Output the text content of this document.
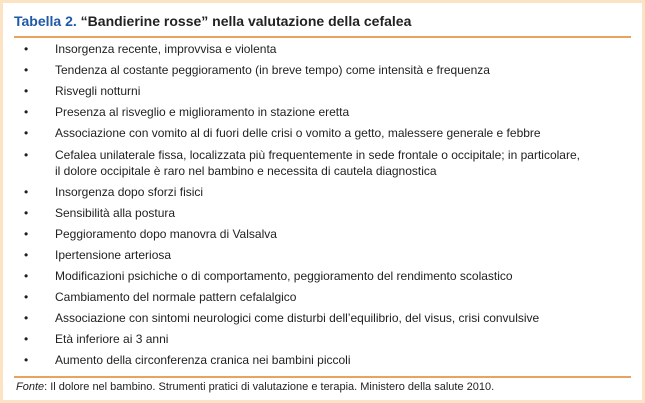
Tabella 2. “Bandierine rosse” nella valutazione della cefalea
• Insorgenza recente, improvvisa e violenta
• Tendenza al costante peggioramento (in breve tempo) come intensità e frequenza
• Risvegli notturni
• Presenza al risveglio e miglioramento in stazione eretta
• Associazione con vomito al di fuori delle crisi o vomito a getto, malessere generale e febbre
• Cefalea unilaterale fissa, localizzata più frequentemente in sede frontale o occipitale; in particolare,
il dolore occipitale è raro nel bambino e necessita di cautela diagnostica
• Insorgenza dopo sforzi fisici
• Sensibilità alla postura
• Peggioramento dopo manovra di Valsalva
• Ipertensione arteriosa
• Modificazioni psichiche o di comportamento, peggioramento del rendimento scolastico
• Cambiamento del normale pattern cefalalgico
• Associazione con sintomi neurologici come disturbi dell’equilibrio, del visus, crisi convulsive
• Età inferiore ai 3 anni
• Aumento della circonferenza cranica nei bambini piccoli
Fonte: Il dolore nel bambino. Strumenti pratici di valutazione e terapia. Ministero della salute 2010.
